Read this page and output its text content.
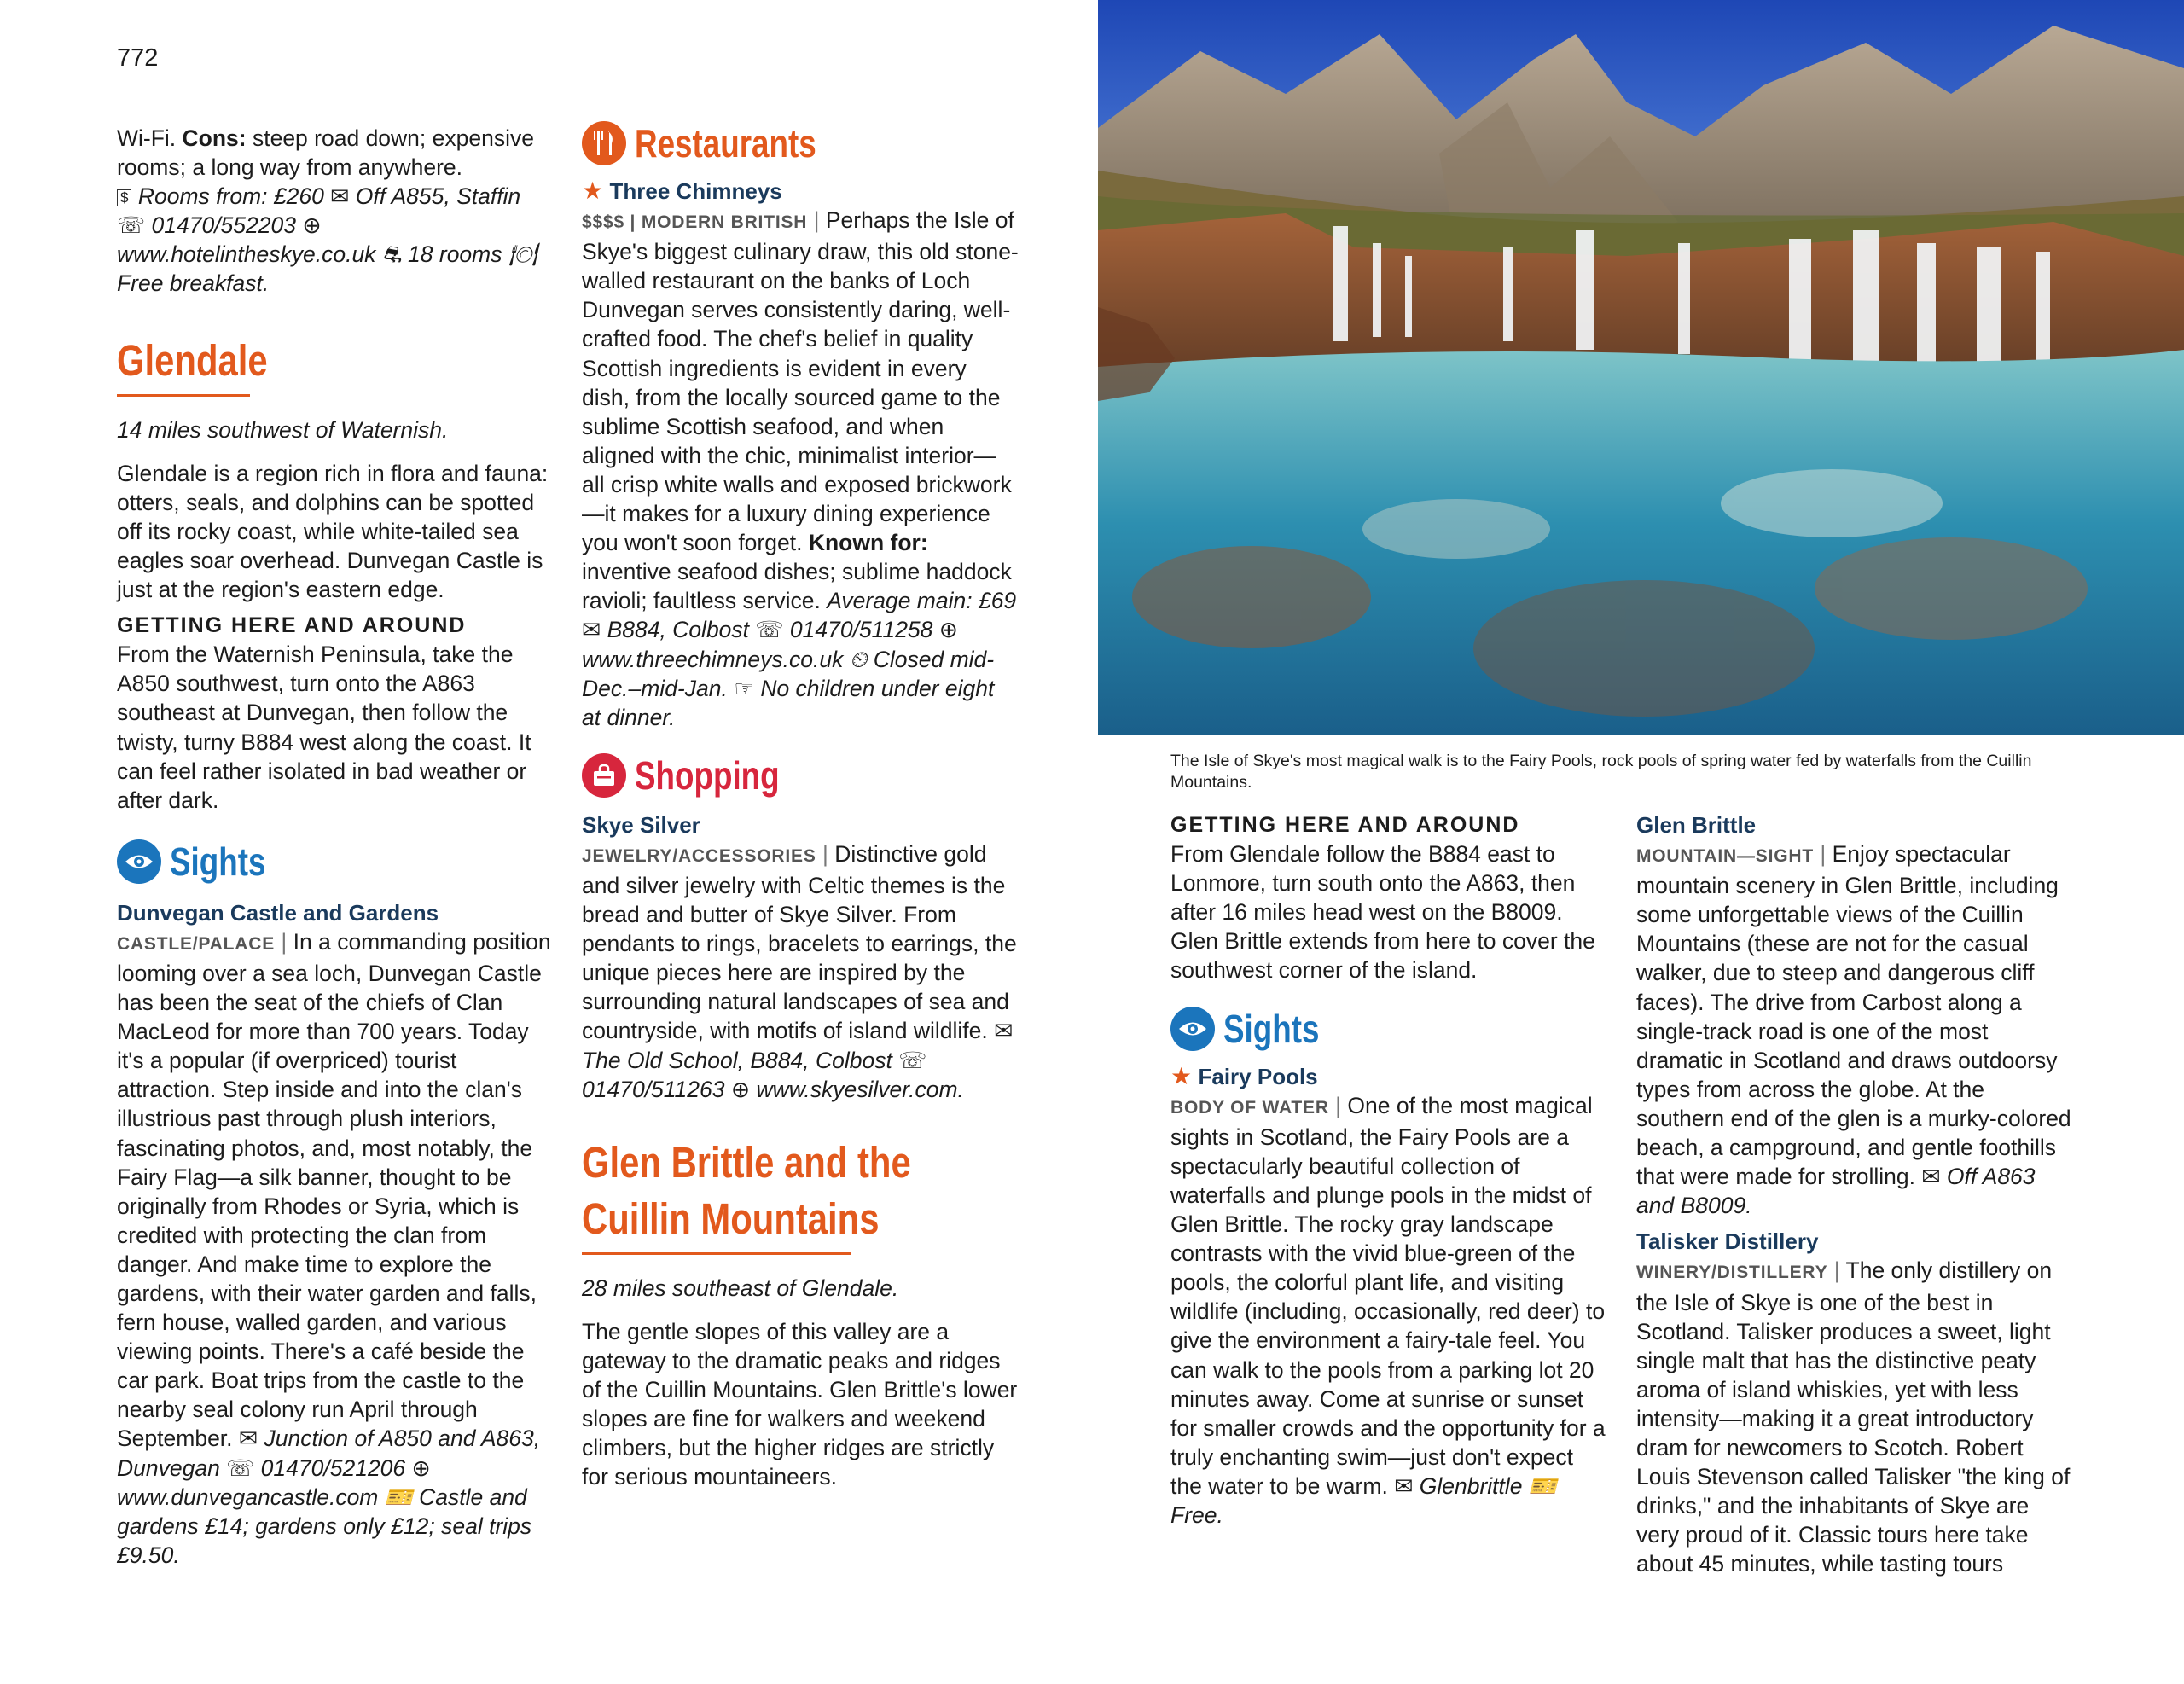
772

Wi-Fi. Cons: steep road down; expensive rooms; a long way from anywhere.

$ Rooms from: £260 ✉ Off A855, Staffin ☏ 01470/552203 ⊕ www.hotelintheskye.co.uk ⛐ 18 rooms 🍽 Free breakfast.

Glendale

14 miles southwest of Waternish.

Glendale is a region rich in flora and fauna: otters, seals, and dolphins can be spotted off its rocky coast, while white-tailed sea eagles soar overhead. Dunvegan Castle is just at the region's eastern edge.

GETTING HERE AND AROUND

From the Waternish Peninsula, take the A850 southwest, turn onto the A863 southeast at Dunvegan, then follow the twisty, turny B884 west along the coast. It can feel rather isolated in bad weather or after dark.

Sights

Dunvegan Castle and Gardens

CASTLE/PALACE | In a commanding position looming over a sea loch, Dunvegan Castle has been the seat of the chiefs of Clan MacLeod for more than 700 years. Today it's a popular (if overpriced) tourist attraction. Step inside and into the clan's illustrious past through plush interiors, fascinating photos, and, most notably, the Fairy Flag—a silk banner, thought to be originally from Rhodes or Syria, which is credited with protecting the clan from danger. And make time to explore the gardens, with their water garden and falls, fern house, walled garden, and various viewing points. There's a café beside the car park. Boat trips from the castle to the nearby seal colony run April through September. ✉ Junction of A850 and A863, Dunvegan ☏ 01470/521206 ⊕ www.dunvegancastle.com 🎫 Castle and gardens £14; gardens only £12; seal trips £9.50.

Restaurants

★ Three Chimneys

$$$$ | MODERN BRITISH | Perhaps the Isle of Skye's biggest culinary draw, this old stone-walled restaurant on the banks of Loch Dunvegan serves consistently daring, well-crafted food. The chef's belief in quality Scottish ingredients is evident in every dish, from the locally sourced game to the sublime Scottish seafood, and when aligned with the chic, minimalist interior—all crisp white walls and exposed brickwork—it makes for a luxury dining experience you won't soon forget. Known for: inventive seafood dishes; sublime haddock ravioli; faultless service. Average main: £69 ✉ B884, Colbost ☏ 01470/511258 ⊕ www.threechimneys.co.uk ⏲ Closed mid-Dec.–mid-Jan. ☞ No children under eight at dinner.

Shopping

Skye Silver

JEWELRY/ACCESSORIES | Distinctive gold and silver jewelry with Celtic themes is the bread and butter of Skye Silver. From pendants to rings, bracelets to earrings, the unique pieces here are inspired by the surrounding natural landscapes of sea and countryside, with motifs of island wildlife. ✉ The Old School, B884, Colbost ☏ 01470/511263 ⊕ www.skyesilver.com.

Glen Brittle and the
Cuillin Mountains

28 miles southeast of Glendale.

The gentle slopes of this valley are a gateway to the dramatic peaks and ridges of the Cuillin Mountains. Glen Brittle's lower slopes are fine for walkers and weekend climbers, but the higher ridges are strictly for serious mountaineers.

The Isle of Skye's most magical walk is to the Fairy Pools, rock pools of spring water fed by waterfalls from the Cuillin Mountains.

GETTING HERE AND AROUND

From Glendale follow the B884 east to Lonmore, turn south onto the A863, then after 16 miles head west on the B8009. Glen Brittle extends from here to cover the southwest corner of the island.

Sights

★ Fairy Pools

BODY OF WATER | One of the most magical sights in Scotland, the Fairy Pools are a spectacularly beautiful collection of waterfalls and plunge pools in the midst of Glen Brittle. The rocky gray landscape contrasts with the vivid blue-green of the pools, the colorful plant life, and visiting wildlife (including, occasionally, red deer) to give the environment a fairy-tale feel. You can walk to the pools from a parking lot 20 minutes away. Come at sunrise or sunset for smaller crowds and the opportunity for a truly enchanting swim—just don't expect the water to be warm. ✉ Glenbrittle 🎫 Free.

Glen Brittle

MOUNTAIN—SIGHT | Enjoy spectacular mountain scenery in Glen Brittle, including some unforgettable views of the Cuillin Mountains (these are not for the casual walker, due to steep and dangerous cliff faces). The drive from Carbost along a single-track road is one of the most dramatic in Scotland and draws outdoorsy types from across the globe. At the southern end of the glen is a murky-colored beach, a campground, and gentle foothills that were made for strolling. ✉ Off A863 and B8009.

Talisker Distillery

WINERY/DISTILLERY | The only distillery on the Isle of Skye is one of the best in Scotland. Talisker produces a sweet, light single malt that has the distinctive peaty aroma of island whiskies, yet with less intensity—making it a great introductory dram for newcomers to Scotch. Robert Louis Stevenson called Talisker "the king of drinks," and the inhabitants of Skye are very proud of it. Classic tours here take about 45 minutes, while tasting tours
